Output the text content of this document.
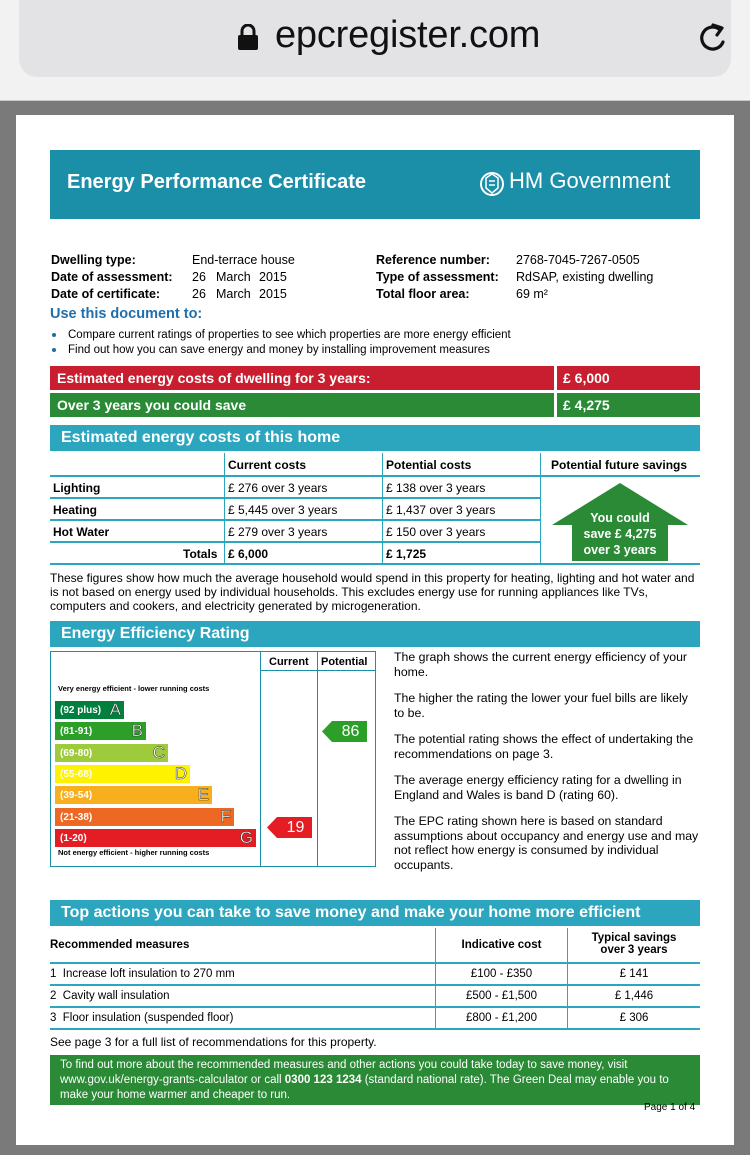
epcregister.com
Energy Performance Certificate	HM Government
Dwelling type:	End-terrace house
Date of assessment: 26 March 2015
Date of certificate:	26 March 2015
Reference number: 2768-7045-7267-0505
Type of assessment: RdSAP, existing dwelling
Total floor area:	69 m²
Use this document to:
Compare current ratings of properties to see which properties are more energy efficient
Find out how you can save energy and money by installing improvement measures
Estimated energy costs of dwelling for 3 years:	£ 6,000
Over 3 years you could save	£ 4,275
Estimated energy costs of this home
Current costs	Potential costs	Potential future savings
Lighting	£ 276 over 3 years	£ 138 over 3 years
Heating	£ 5,445 over 3 years	£ 1,437 over 3 years
Hot Water	£ 279 over 3 years	£ 150 over 3 years
Totals £ 6,000	£ 1,725
You could
save £ 4,275
over 3 years
These figures show how much the average household would spend in this property for heating, lighting and hot water and is not based on energy used by individual households. This excludes energy use for running appliances like TVs, computers and cookers, and electricity generated by microgeneration.
Energy Efficiency Rating
Current Potential
Very energy efficient - lower running costs
Not energy efficient - higher running costs
(92 plus) A
(81-91) B
(69-80)	C
(55-68)	D
(39-54)	E
(21-38)	F
(1-20)	G
19
86
The graph shows the current energy efficiency of your home.
The higher the rating the lower your fuel bills are likely to be.
The potential rating shows the effect of undertaking the recommendations on page 3.
The average energy efficiency rating for a dwelling in England and Wales is band D (rating 60).
The EPC rating shown here is based on standard assumptions about occupancy and energy use and may not reflect how energy is consumed by individual occupants.
Top actions you can take to save money and make your home more efficient
Recommended measures	Indicative cost
Typical savings
over 3 years
1  Increase loft insulation to 270 mm	£100 - £350	£ 141
2  Cavity wall insulation	£500 - £1,500	£ 1,446
3  Floor insulation (suspended floor)	£800 - £1,200	£ 306
See page 3 for a full list of recommendations for this property.
To find out more about the recommended measures and other actions you could take today to save money, visit www.gov.uk/energy-grants-calculator or call 0300 123 1234 (standard national rate). The Green Deal may enable you to make your home warmer and cheaper to run.
Page 1 of 4
